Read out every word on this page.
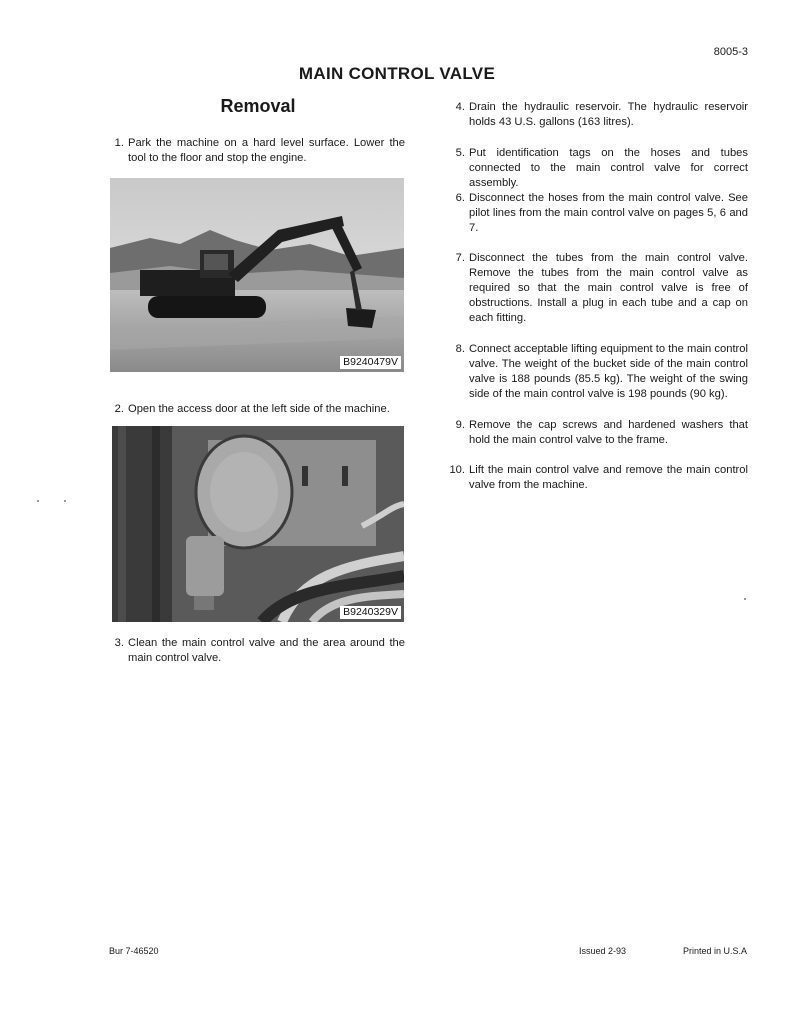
8005-3
MAIN CONTROL VALVE
Removal
1. Park the machine on a hard level surface. Lower the tool to the floor and stop the engine.
B9240479V
2. Open the access door at the left side of the machine.
B9240329V
3. Clean the main control valve and the area around the main control valve.
4. Drain the hydraulic reservoir. The hydraulic reservoir holds 43 U.S. gallons (163 litres).
5. Put identification tags on the hoses and tubes connected to the main control valve for correct assembly.
6. Disconnect the hoses from the main control valve. See pilot lines from the main control valve on pages 5, 6 and 7.
7. Disconnect the tubes from the main control valve. Remove the tubes from the main control valve as required so that the main control valve is free of obstructions. Install a plug in each tube and a cap on each fitting.
8. Connect acceptable lifting equipment to the main control valve. The weight of the bucket side of the main control valve is 188 pounds (85.5 kg). The weight of the swing side of the main control valve is 198 pounds (90 kg).
9. Remove the cap screws and hardened washers that hold the main control valve to the frame.
10. Lift the main control valve and remove the main control valve from the machine.
Bur 7-46520	Issued 2-93	Printed in U.S.A
